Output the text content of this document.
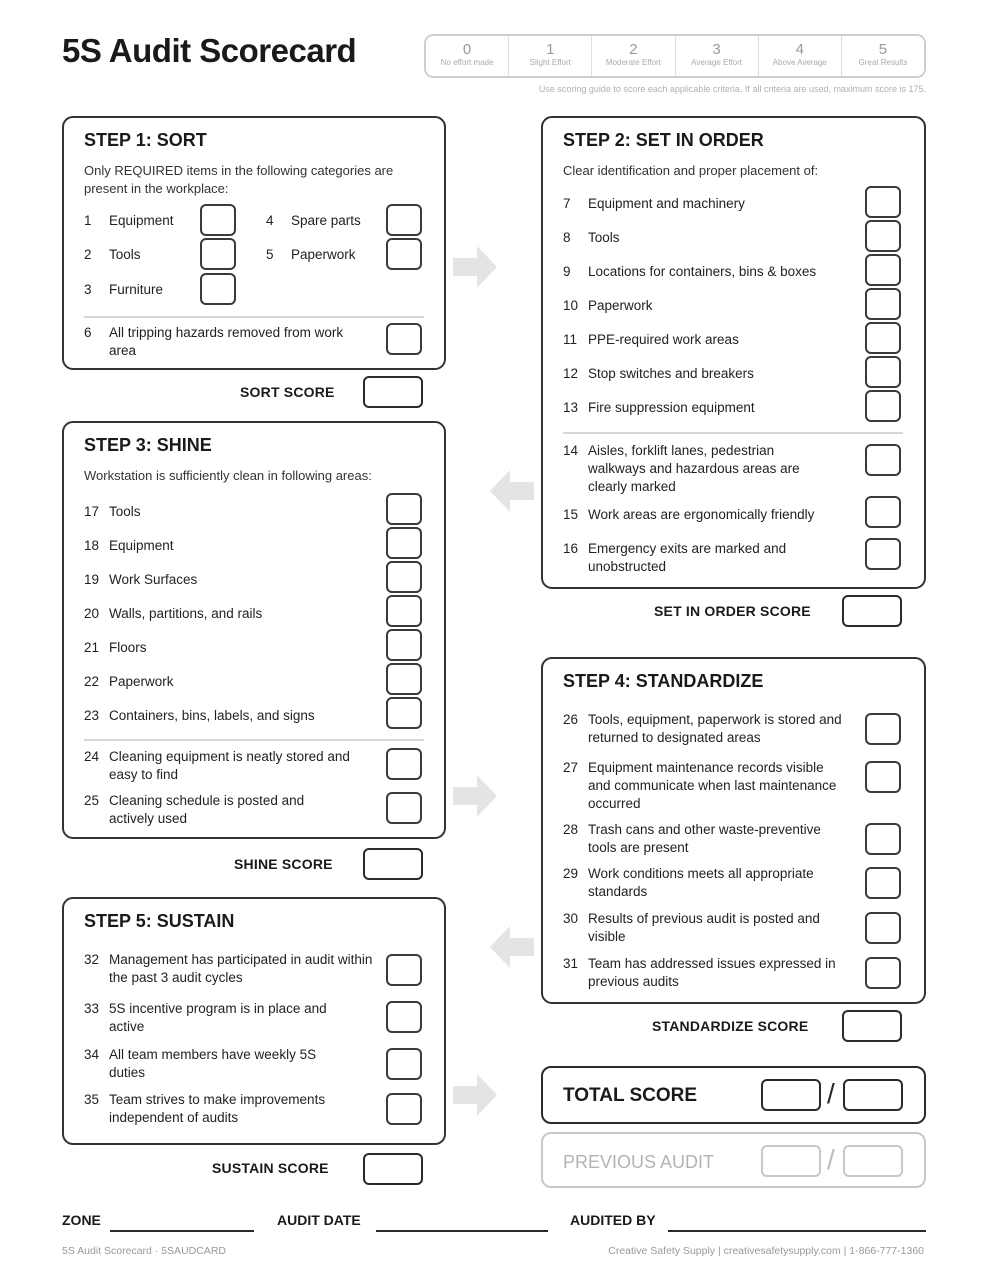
5S Audit Scorecard	0
No effort made
1
Slight Effort
2
Moderate Effort
3
Average Effort
4
Above Average
5
Great Results
Use scoring guide to score each applicable criteria. If all criteria are used, maximum score is 175.
STEP 1: SORT
Only REQUIRED items in the following categories are present in the workplace:
1	Equipment
2	Tools
3	Furniture
4	Spare parts
5	Paperwork
6	All tripping hazards removed from work area
SORT SCORE
STEP 2: SET IN ORDER
Clear identification and proper placement of:
7	Equipment and machinery
8	Tools
9	Locations for containers, bins & boxes
10 Paperwork
11 PPE-required work areas
12 Stop switches and breakers
13 Fire suppression equipment
14 Aisles, forklift lanes, pedestrian walkways and hazardous areas are clearly marked
15 Work areas are ergonomically friendly
16 Emergency exits are marked and unobstructed
SET IN ORDER SCORE
STEP 3: SHINE
Workstation is sufficiently clean in following areas:
17 Tools
18 Equipment
19 Work Surfaces
20 Walls, partitions, and rails
21 Floors
22 Paperwork
23 Containers, bins, labels, and signs
24 Cleaning equipment is neatly stored and easy to find
25 Cleaning schedule is posted and actively used
SHINE SCORE
STEP 4: STANDARDIZE
26 Tools, equipment, paperwork is stored and returned to designated areas
27 Equipment maintenance records visible and communicate when last maintenance occurred
28 Trash cans and other waste-preventive tools are present
29 Work conditions meets all appropriate standards
30 Results of previous audit is posted and visible
31 Team has addressed issues expressed in previous audits
STANDARDIZE SCORE
STEP 5: SUSTAIN
32 Management has participated in audit within the past 3 audit cycles
33 5S incentive program is in place and active
34 All team members have weekly 5S duties
35 Team strives to make improvements independent of audits
SUSTAIN SCORE
TOTAL SCORE	/
PREVIOUS AUDIT	/
ZONE	AUDIT DATE	AUDITED BY
5S Audit Scorecard · 5SAUDCARD	Creative Safety Supply | creativesafetysupply.com | 1-866-777-1360
